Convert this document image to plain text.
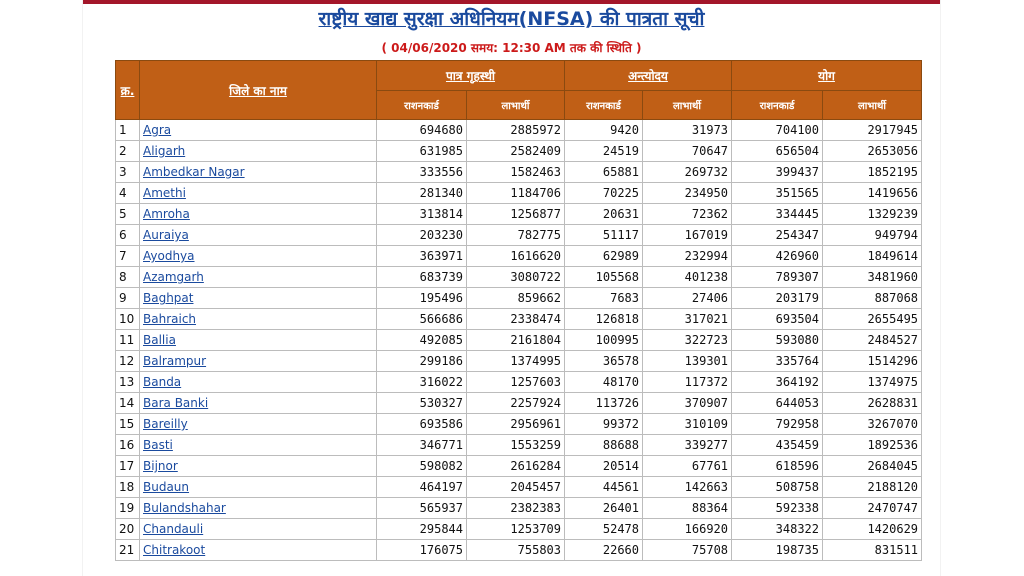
राष्ट्रीय खाद्य सुरक्षा अधिनियम(NFSA) की पात्रता सूची
( 04/06/2020 समय: 12:30 AM तक की स्थिति )
क्र.	जिले का नाम	पात्र गृहस्थी		अन्त्योदय		योग	
		राशनकार्ड	लाभार्थी	राशनकार्ड	लाभार्थी	राशनकार्ड	लाभार्थी
1	Agra	694680	2885972	9420	31973	704100	2917945
2	Aligarh	631985	2582409	24519	70647	656504	2653056
3	Ambedkar Nagar	333556	1582463	65881	269732	399437	1852195
4	Amethi	281340	1184706	70225	234950	351565	1419656
5	Amroha	313814	1256877	20631	72362	334445	1329239
6	Auraiya	203230	782775	51117	167019	254347	949794
7	Ayodhya	363971	1616620	62989	232994	426960	1849614
8	Azamgarh	683739	3080722	105568	401238	789307	3481960
9	Baghpat	195496	859662	7683	27406	203179	887068
10	Bahraich	566686	2338474	126818	317021	693504	2655495
11	Ballia	492085	2161804	100995	322723	593080	2484527
12	Balrampur	299186	1374995	36578	139301	335764	1514296
13	Banda	316022	1257603	48170	117372	364192	1374975
14	Bara Banki	530327	2257924	113726	370907	644053	2628831
15	Bareilly	693586	2956961	99372	310109	792958	3267070
16	Basti	346771	1553259	88688	339277	435459	1892536
17	Bijnor	598082	2616284	20514	67761	618596	2684045
18	Budaun	464197	2045457	44561	142663	508758	2188120
19	Bulandshahar	565937	2382383	26401	88364	592338	2470747
20	Chandauli	295844	1253709	52478	166920	348322	1420629
21	Chitrakoot	176075	755803	22660	75708	198735	831511
